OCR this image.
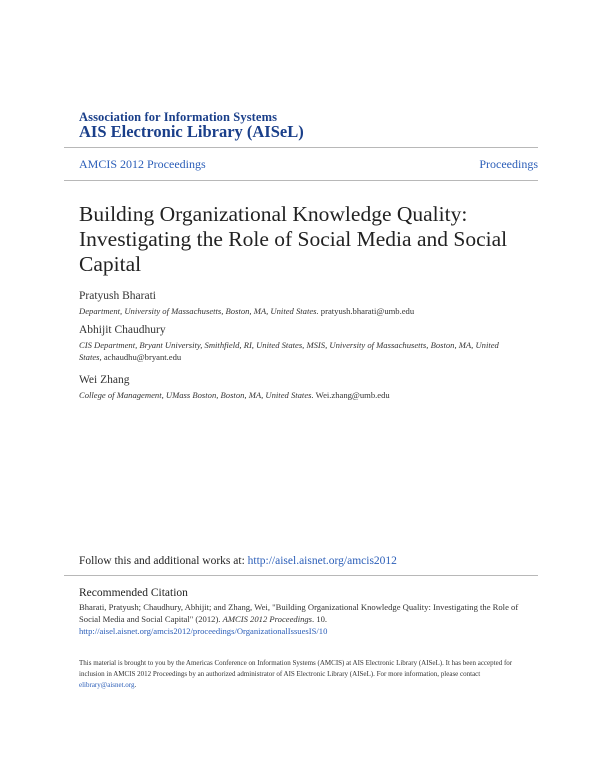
Association for Information Systems
AIS Electronic Library (AISeL)
AMCIS 2012 Proceedings	Proceedings
Building Organizational Knowledge Quality: Investigating the Role of Social Media and Social Capital
Pratyush Bharati
Department, University of Massachusetts, Boston, MA, United States. pratyush.bharati@umb.edu
Abhijit Chaudhury
CIS Department, Bryant University, Smithfield, RI, United States, MSIS, University of Massachusetts, Boston, MA, United States, achaudhu@bryant.edu
Wei Zhang
College of Management, UMass Boston, Boston, MA, United States. Wei.zhang@umb.edu
Follow this and additional works at: http://aisel.aisnet.org/amcis2012
Recommended Citation
Bharati, Pratyush; Chaudhury, Abhijit; and Zhang, Wei, "Building Organizational Knowledge Quality: Investigating the Role of Social Media and Social Capital" (2012). AMCIS 2012 Proceedings. 10.
http://aisel.aisnet.org/amcis2012/proceedings/OrganizationalIssuesIS/10
This material is brought to you by the Americas Conference on Information Systems (AMCIS) at AIS Electronic Library (AISeL). It has been accepted for inclusion in AMCIS 2012 Proceedings by an authorized administrator of AIS Electronic Library (AISeL). For more information, please contact elibrary@aisnet.org.
